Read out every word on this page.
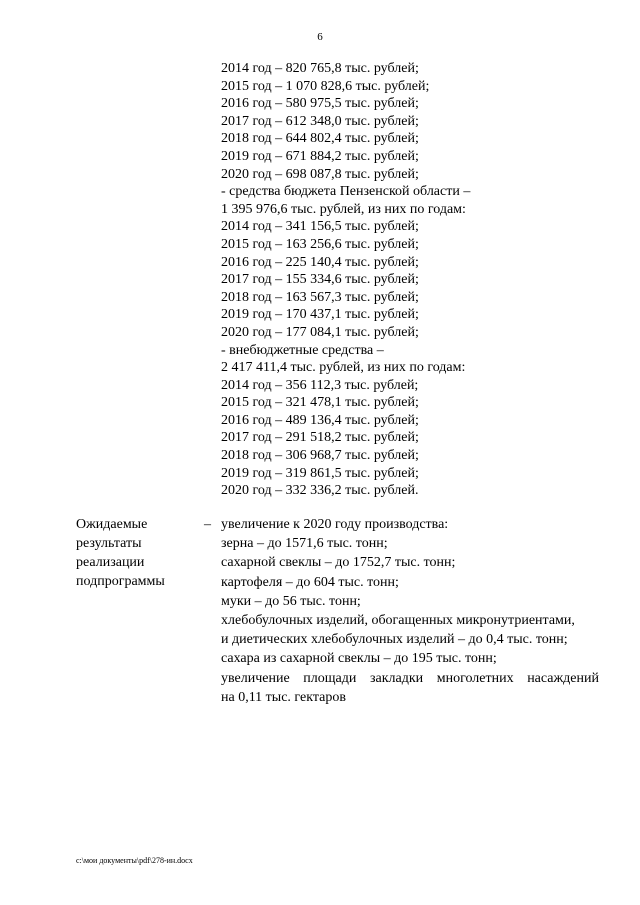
6
2014 год – 820 765,8 тыс. рублей;
2015 год – 1 070 828,6 тыс. рублей;
2016 год – 580 975,5 тыс. рублей;
2017 год – 612 348,0 тыс. рублей;
2018 год – 644 802,4 тыс. рублей;
2019 год – 671 884,2 тыс. рублей;
2020 год – 698 087,8 тыс. рублей;
- средства бюджета Пензенской области –
1 395 976,6 тыс. рублей, из них по годам:
2014 год – 341 156,5 тыс. рублей;
2015 год – 163 256,6 тыс. рублей;
2016 год – 225 140,4 тыс. рублей;
2017 год – 155 334,6 тыс. рублей;
2018 год – 163 567,3 тыс. рублей;
2019 год – 170 437,1 тыс. рублей;
2020 год – 177 084,1 тыс. рублей;
- внебюджетные средства –
2 417 411,4 тыс. рублей, из них по годам:
2014 год – 356 112,3 тыс. рублей;
2015 год – 321 478,1 тыс. рублей;
2016 год – 489 136,4 тыс. рублей;
2017 год – 291 518,2 тыс. рублей;
2018 год – 306 968,7 тыс. рублей;
2019 год – 319 861,5 тыс. рублей;
2020 год – 332 336,2 тыс. рублей.
Ожидаемые
результаты
реализации
подпрограммы
– увеличение к 2020 году производства:
зерна – до 1571,6 тыс. тонн;
сахарной свеклы – до 1752,7 тыс. тонн;
картофеля – до 604 тыс. тонн;
муки – до 56 тыс. тонн;
хлебобулочных изделий, обогащенных микронутриентами,
и диетических хлебобулочных изделий – до 0,4 тыс. тонн;
сахара из сахарной свеклы – до 195 тыс. тонн;
увеличение площади закладки многолетних насаждений
на 0,11 тыс. гектаров
c:\мои документы\pdf\278-ин.docx
